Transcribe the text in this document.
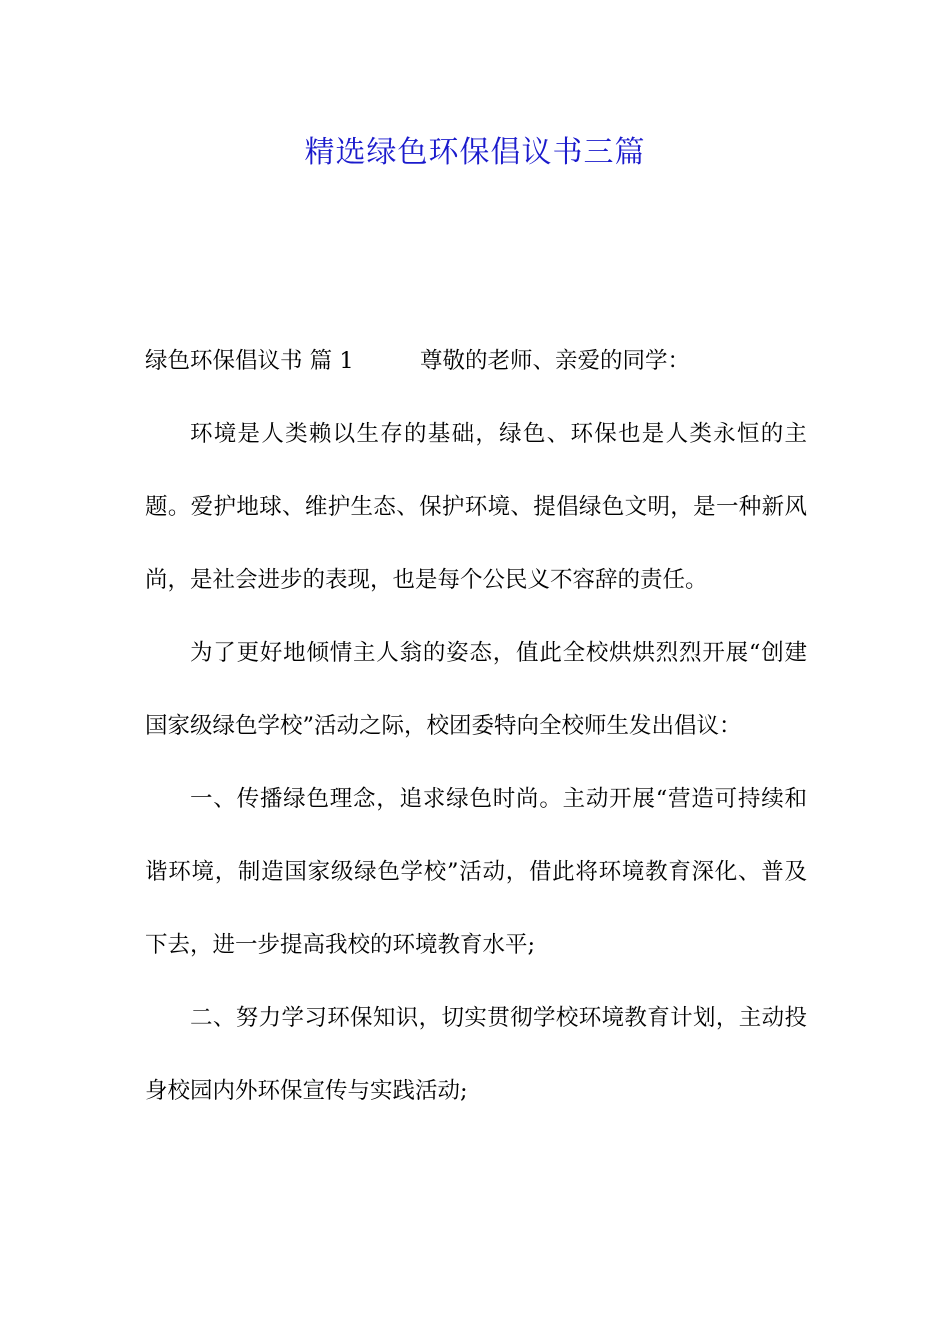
精选绿色环保倡议书三篇
绿色环保倡议书 篇 1	尊敬的老师、亲爱的同学：

环境是人类赖以生存的基础，绿色、环保也是人类永恒的主题。爱护地球、维护生态、保护环境、提倡绿色文明，是一种新风尚，是社会进步的表现，也是每个公民义不容辞的责任。

为了更好地倾情主人翁的姿态，值此全校烘烘烈烈开展“创建国家级绿色学校”活动之际，校团委特向全校师生发出倡议：

一、传播绿色理念，追求绿色时尚。主动开展“营造可持续和谐环境，制造国家级绿色学校”活动，借此将环境教育深化、普及下去，进一步提高我校的环境教育水平;

二、努力学习环保知识，切实贯彻学校环境教育计划，主动投身校园内外环保宣传与实践活动;
